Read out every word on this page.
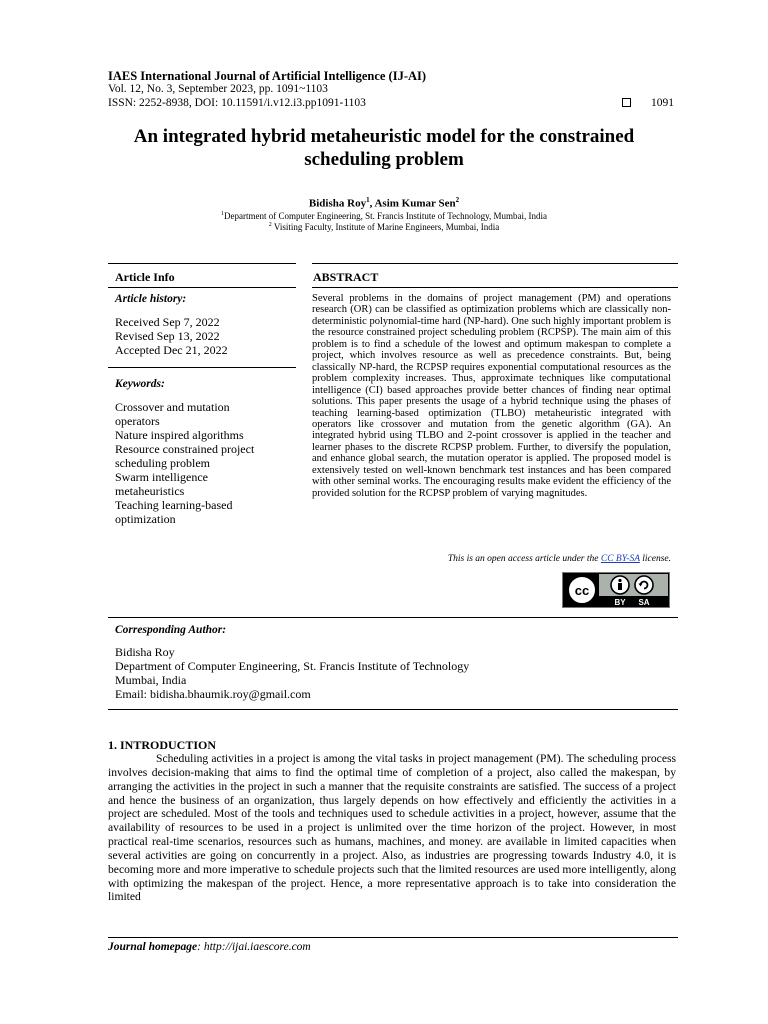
IAES International Journal of Artificial Intelligence (IJ-AI)
Vol. 12, No. 3, September 2023, pp. 1091~1103
ISSN: 2252-8938, DOI: 10.11591/i.v12.i3.pp1091-1103	1091
An integrated hybrid metaheuristic model for the constrained
scheduling problem
Bidisha Roy$^1$, Asim Kumar Sen$^2$
$^1$Department of Computer Engineering, St. Francis Institute of Technology, Mumbai, India
$^2$ Visiting Faculty, Institute of Marine Engineers, Mumbai, India
Article Info	ABSTRACT
Article history:
Received Sep 7, 2022
Revised Sep 13, 2022
Accepted Dec 21, 2022
Keywords:
Crossover and mutation operators
Nature inspired algorithms
Resource constrained project scheduling problem
Swarm intelligence metaheuristics
Teaching learning-based optimization
Several problems in the domains of project management (PM) and operations research (OR) can be classified as optimization problems which are classically non-deterministic polynomial-time hard (NP-hard). One such highly important problem is the resource constrained project scheduling problem (RCPSP). The main aim of this problem is to find a schedule of the lowest and optimum makespan to complete a project, which involves resource as well as precedence constraints. But, being classically NP-hard, the RCPSP requires exponential computational resources as the problem complexity increases. Thus, approximate techniques like computational intelligence (CI) based approaches provide better chances of finding near optimal solutions. This paper presents the usage of a hybrid technique using the phases of teaching learning-based optimization (TLBO) metaheuristic integrated with operators like crossover and mutation from the genetic algorithm (GA). An integrated hybrid using TLBO and 2-point crossover is applied in the teacher and learner phases to the discrete RCPSP problem. Further, to diversify the population, and enhance global search, the mutation operator is applied. The proposed model is extensively tested on well-known benchmark test instances and has been compared with other seminal works. The encouraging results make evident the efficiency of the provided solution for the RCPSP problem of varying magnitudes.
This is an open access article under the CC BY-SA license.
cc
BY SA
Corresponding Author:
Bidisha Roy
Department of Computer Engineering, St. Francis Institute of Technology
Mumbai, India
Email: bidisha.bhaumik.roy@gmail.com
1. INTRODUCTION

Scheduling activities in a project is among the vital tasks in project management (PM). The scheduling process involves decision-making that aims to find the optimal time of completion of a project, also called the makespan, by arranging the activities in the project in such a manner that the requisite constraints are satisfied. The success of a project and hence the business of an organization, thus largely depends on how effectively and efficiently the activities in a project are scheduled. Most of the tools and techniques used to schedule activities in a project, however, assume that the availability of resources to be used in a project is unlimited over the time horizon of the project. However, in most practical real-time scenarios, resources such as humans, machines, and money. are available in limited capacities when several activities are going on concurrently in a project. Also, as industries are progressing towards Industry 4.0, it is becoming more and more imperative to schedule projects such that the limited resources are used more intelligently, along with optimizing the makespan of the project. Hence, a more representative approach is to take into consideration the limited

Journal homepage: http://ijai.iaescore.com
